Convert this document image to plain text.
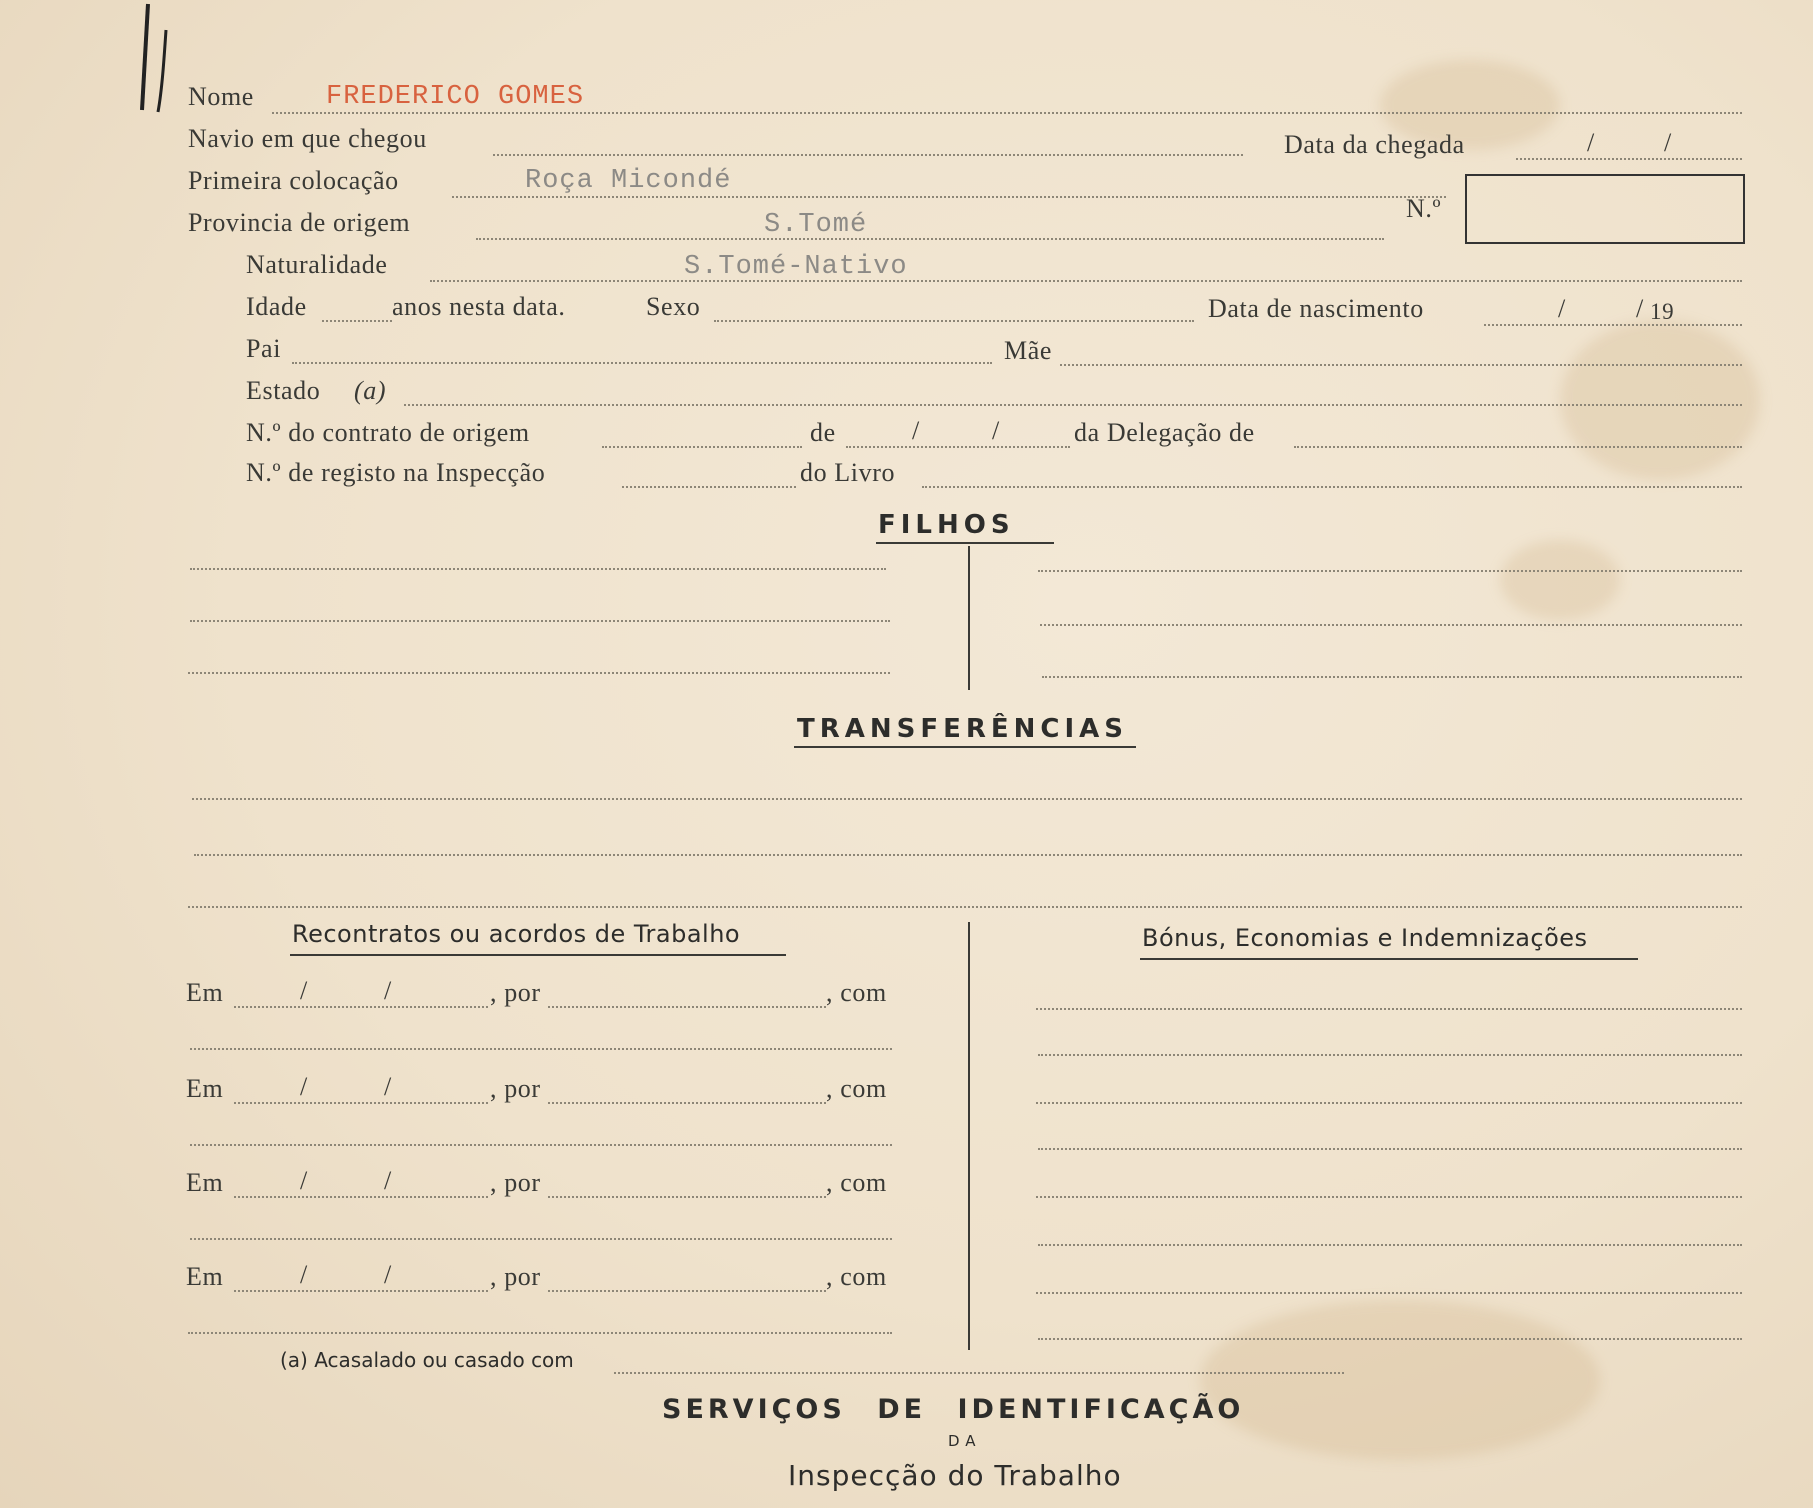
Nome	FREDERICO GOMES
Navio em que chegou	Data da chegada	/	/
Primeira colocação	Roça Micondé
N.º
Provincia de origem	S.Tomé
Naturalidade	S.Tomé-Nativo
Idade	anos nesta data.	Sexo	Data de nascimento	/	/ 19
Pai	Mãe
Estado (a)
N.º do contrato de origem	de	/	/	da Delegação de
N.º de registo na Inspecção	do Livro
FILHOS
TRANSFERÊNCIAS
Recontratos ou acordos de Trabalho	Bónus, Economias e Indemnizações
Em	/	/	, por	, com
Em	/	/	, por	, com
Em	/	/	, por	, com
Em	/	/	, por	, com
(a) Acasalado ou casado com
SERVIÇOS DE IDENTIFICAÇÃO
DA
Inspecção do Trabalho
